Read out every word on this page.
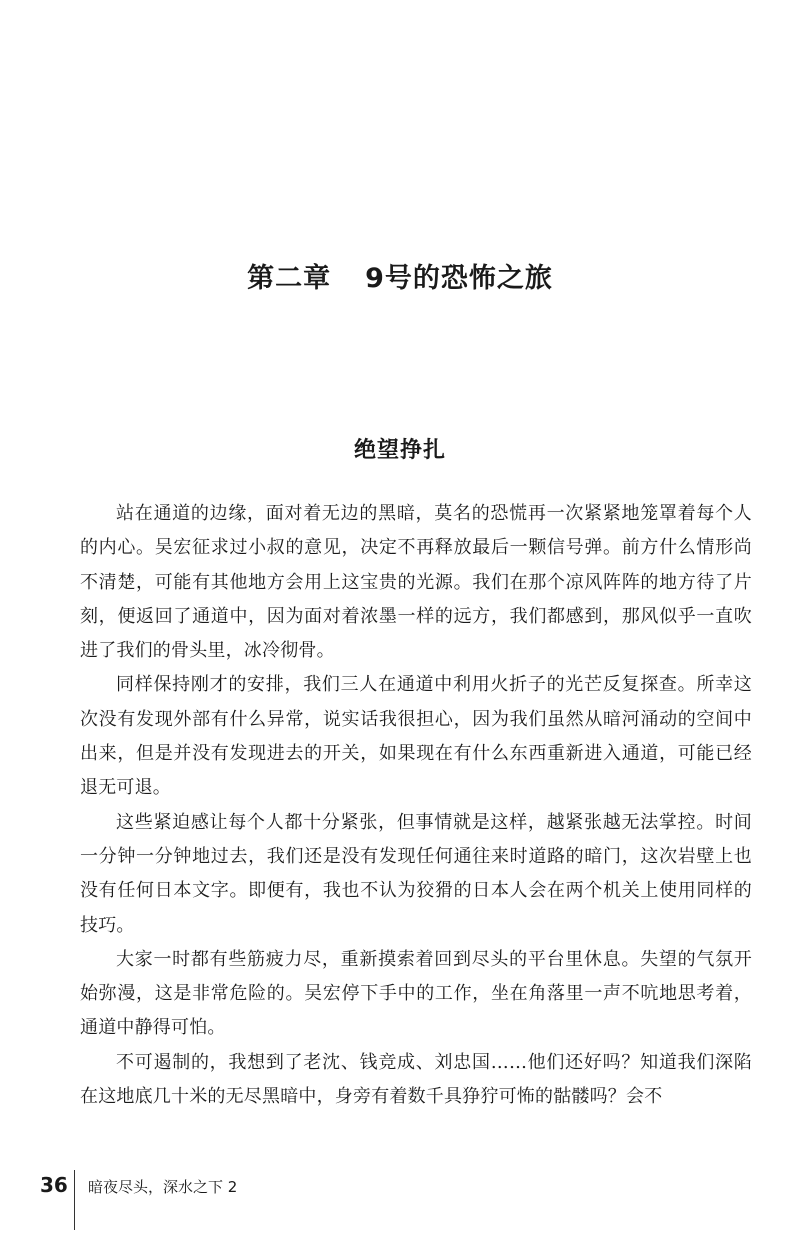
第二章 9号的恐怖之旅
绝望挣扎

站在通道的边缘，面对着无边的黑暗，莫名的恐慌再一次紧紧地笼罩着每个人的内心。吴宏征求过小叔的意见，决定不再释放最后一颗信号弹。前方什么情形尚不清楚，可能有其他地方会用上这宝贵的光源。我们在那个凉风阵阵的地方待了片刻，便返回了通道中，因为面对着浓墨一样的远方，我们都感到，那风似乎一直吹进了我们的骨头里，冰冷彻骨。

同样保持刚才的安排，我们三人在通道中利用火折子的光芒反复探查。所幸这次没有发现外部有什么异常，说实话我很担心，因为我们虽然从暗河涌动的空间中出来，但是并没有发现进去的开关，如果现在有什么东西重新进入通道，可能已经退无可退。

这些紧迫感让每个人都十分紧张，但事情就是这样，越紧张越无法掌控。时间一分钟一分钟地过去，我们还是没有发现任何通往来时道路的暗门，这次岩壁上也没有任何日本文字。即便有，我也不认为狡猾的日本人会在两个机关上使用同样的技巧。

大家一时都有些筋疲力尽，重新摸索着回到尽头的平台里休息。失望的气氛开始弥漫，这是非常危险的。吴宏停下手中的工作，坐在角落里一声不吭地思考着，通道中静得可怕。

不可遏制的，我想到了老沈、钱竞成、刘忠国……他们还好吗？知道我们深陷在这地底几十米的无尽黑暗中，身旁有着数千具狰狞可怖的骷髅吗？会不

36 暗夜尽头，深水之下 2
